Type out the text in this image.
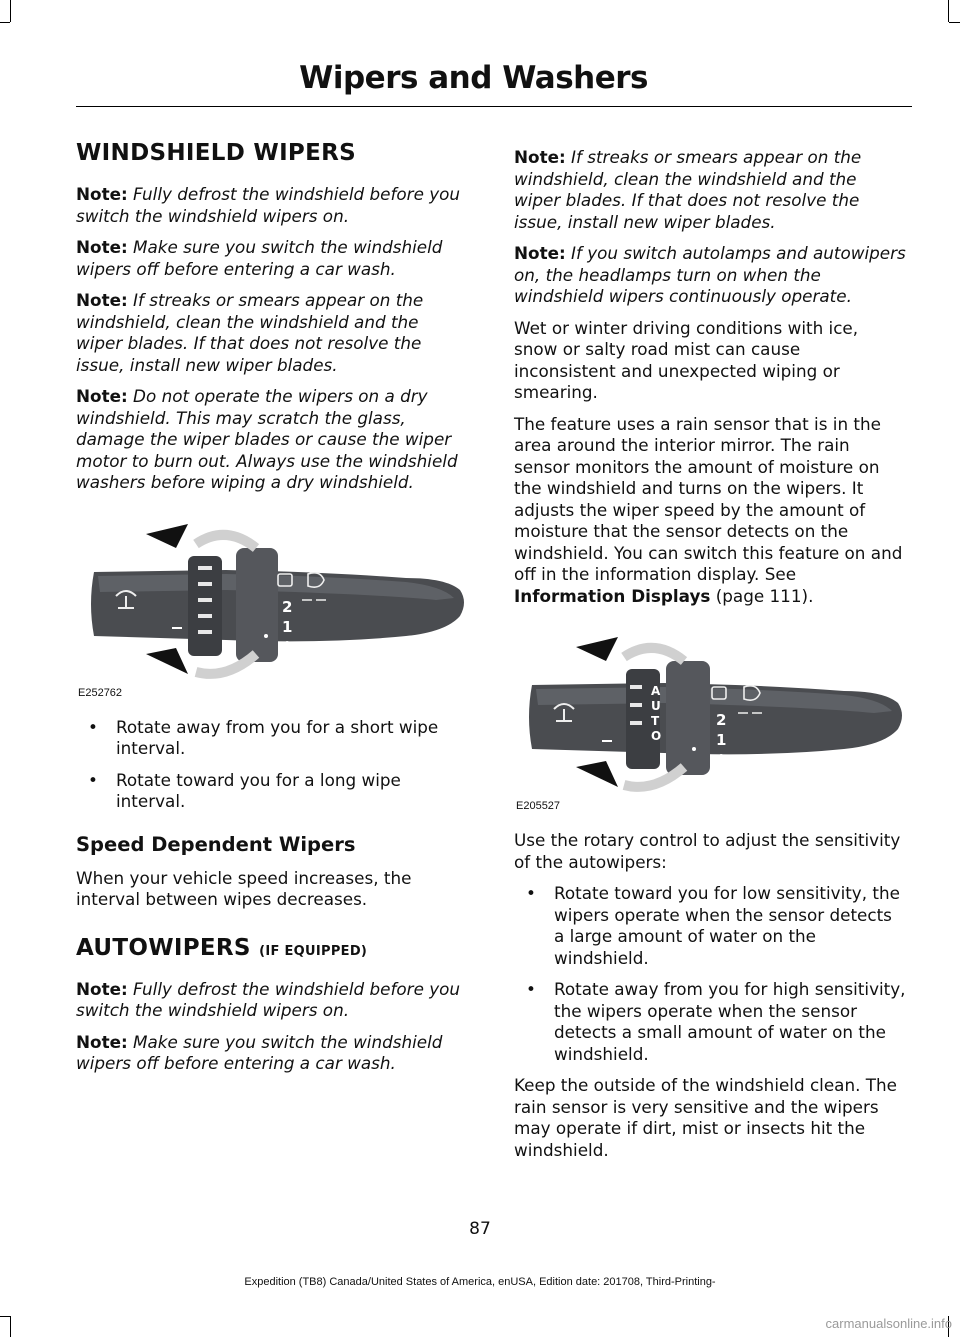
Wipers and Washers
WINDSHIELD WIPERS

Note: Fully defrost the windshield before you switch the windshield wipers on.

Note: Make sure you switch the windshield wipers off before entering a car wash.

Note: If streaks or smears appear on the windshield, clean the windshield and the wiper blades. If that does not resolve the issue, install new wiper blades.

Note: Do not operate the wipers on a dry windshield. This may scratch the glass, damage the wiper blades or cause the wiper motor to burn out. Always use the windshield washers before wiping a dry windshield.

2
1
0
E252762
• Rotate away from you for a short wipe interval.
• Rotate toward you for a long wipe interval.
Speed Dependent Wipers

When your vehicle speed increases, the interval between wipes decreases.

AUTOWIPERS (IF EQUIPPED)

Note: Fully defrost the windshield before you switch the windshield wipers on.

Note: Make sure you switch the windshield wipers off before entering a car wash.

Note: If streaks or smears appear on the windshield, clean the windshield and the wiper blades. If that does not resolve the issue, install new wiper blades.

Note: If you switch autolamps and autowipers on, the headlamps turn on when the windshield wipers continuously operate.

Wet or winter driving conditions with ice, snow or salty road mist can cause inconsistent and unexpected wiping or smearing.

The feature uses a rain sensor that is in the area around the interior mirror. The rain sensor monitors the amount of moisture on the windshield and turns on the wipers. It adjusts the wiper speed by the amount of moisture that the sensor detects on the windshield. You can switch this feature on and off in the information display. See Information Displays (page 111).

A
U
T
O
2
1
0
E205527

Use the rotary control to adjust the sensitivity of the autowipers:

• Rotate toward you for low sensitivity, the wipers operate when the sensor detects a large amount of water on the windshield.
• Rotate away from you for high sensitivity, the wipers operate when the sensor detects a small amount of water on the windshield.

Keep the outside of the windshield clean. The rain sensor is very sensitive and the wipers may operate if dirt, mist or insects hit the windshield.

87
Expedition (TB8) Canada/United States of America, enUSA, Edition date: 201708, Third-Printing-
carmanualsonline.info
